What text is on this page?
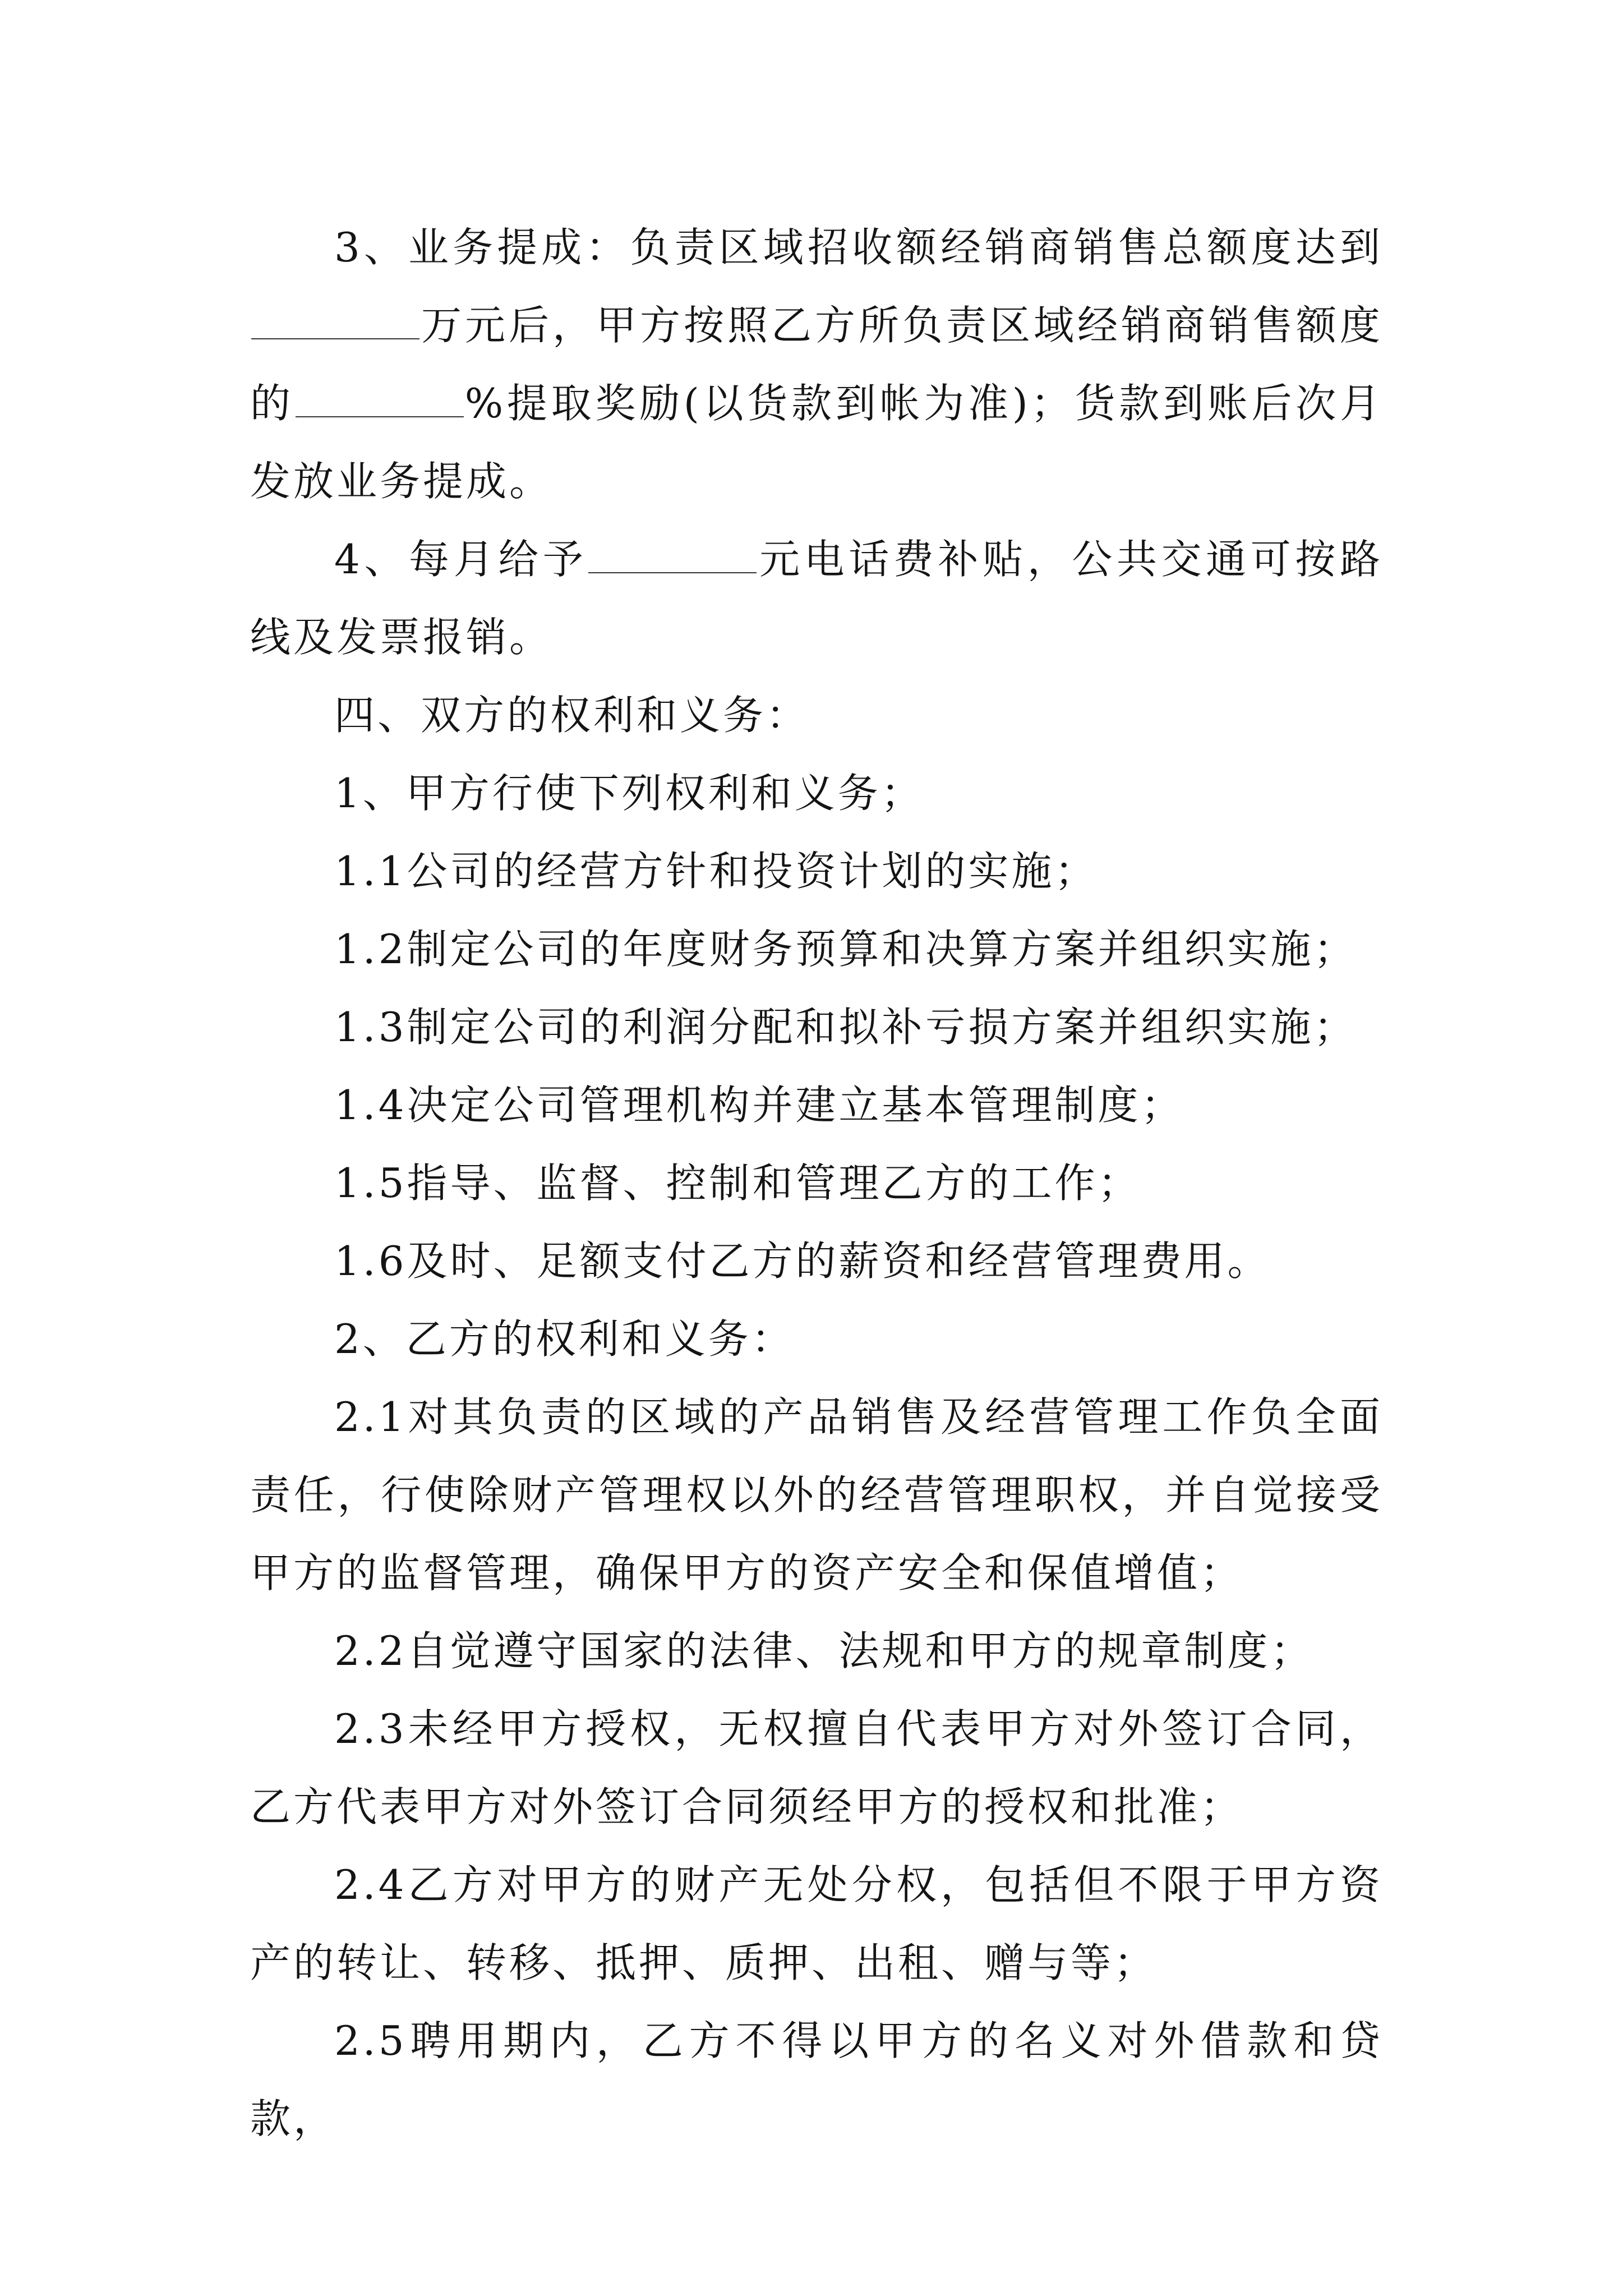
3、业务提成：负责区域招收额经销商销售总额度达到万元后，甲方按照乙方所负责区域经销商销售额度的	%提取奖励(以货款到帐为准)；货款到账后次月发放业务提成。

4、每月给予	元电话费补贴，公共交通可按路线及发票报销。

四、双方的权利和义务：

1、甲方行使下列权利和义务；

1.1公司的经营方针和投资计划的实施；

1.2制定公司的年度财务预算和决算方案并组织实施；

1.3制定公司的利润分配和拟补亏损方案并组织实施；

1.4决定公司管理机构并建立基本管理制度；

1.5指导、监督、控制和管理乙方的工作；

1.6及时、足额支付乙方的薪资和经营管理费用。

2、乙方的权利和义务：

2.1对其负责的区域的产品销售及经营管理工作负全面责任，行使除财产管理权以外的经营管理职权，并自觉接受甲方的监督管理，确保甲方的资产安全和保值增值；

2.2自觉遵守国家的法律、法规和甲方的规章制度；

2.3未经甲方授权，无权擅自代表甲方对外签订合同，乙方代表甲方对外签订合同须经甲方的授权和批准；

2.4乙方对甲方的财产无处分权，包括但不限于甲方资产的转让、转移、抵押、质押、出租、赠与等；

2.5聘用期内，乙方不得以甲方的名义对外借款和贷款，
